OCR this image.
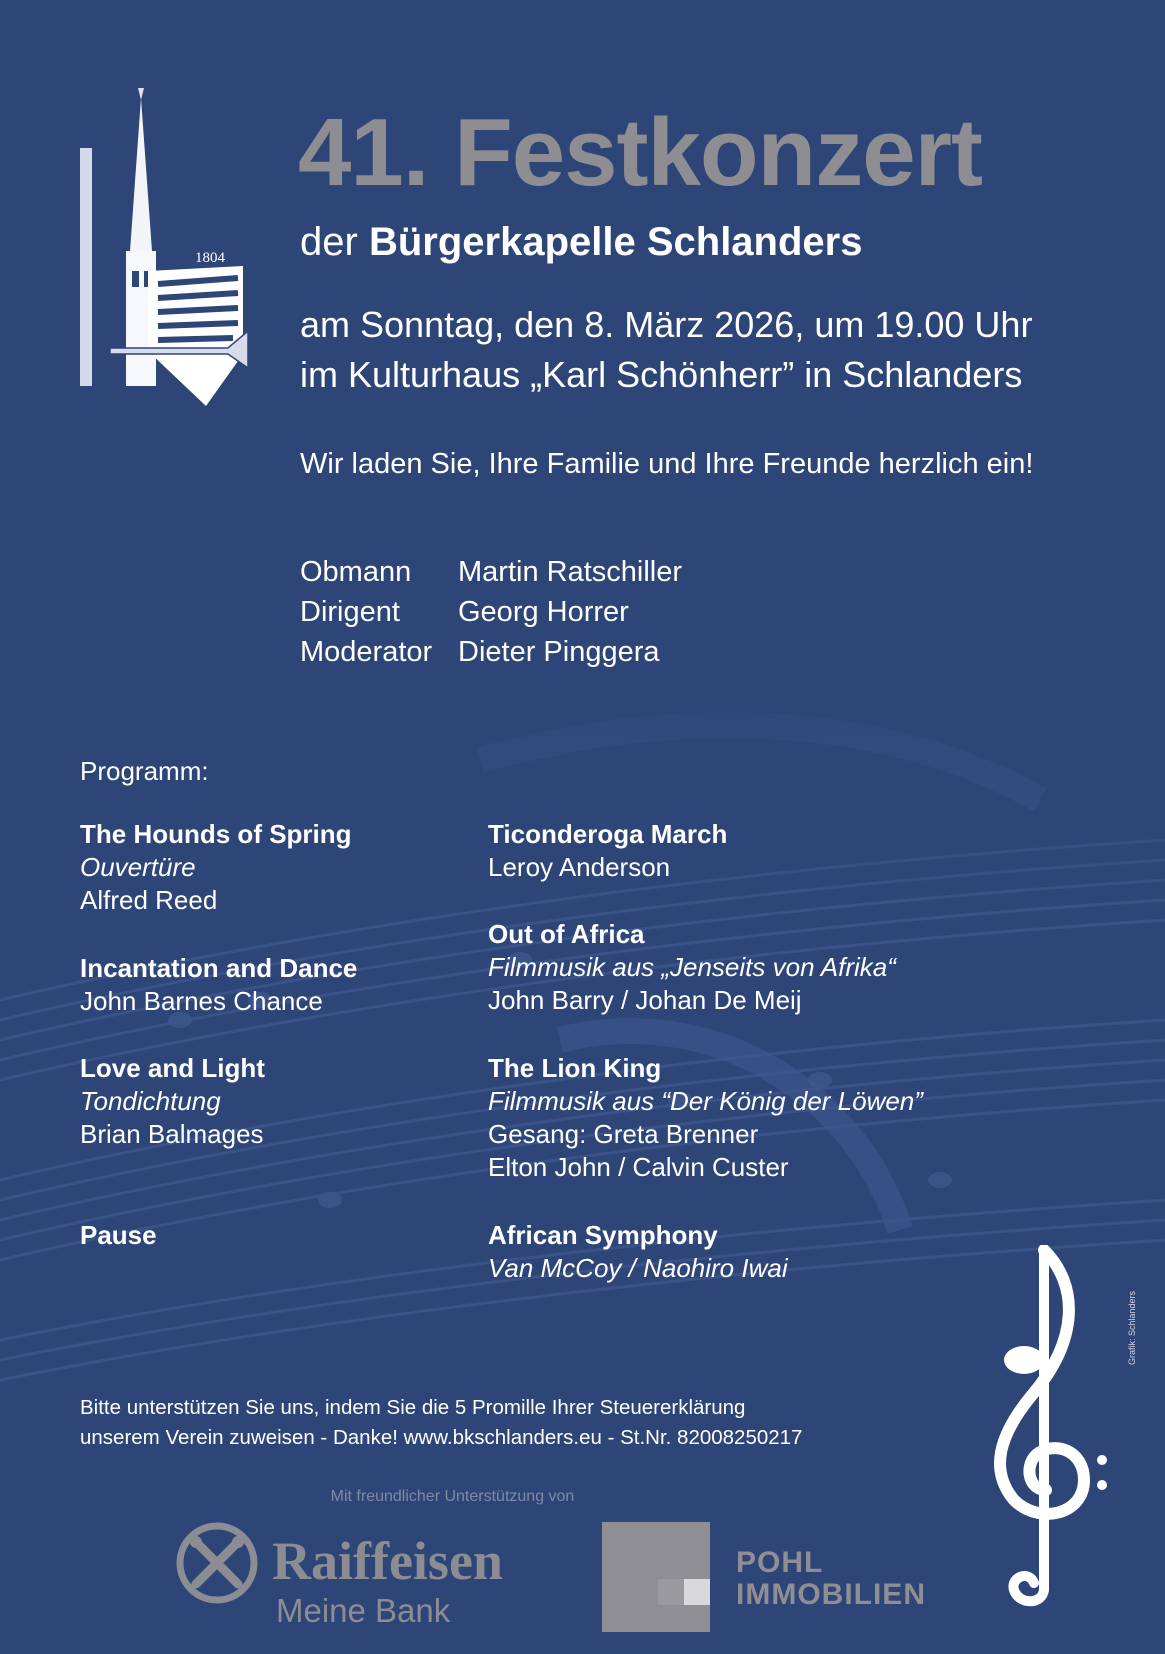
1804
41. Festkonzert
der Bürgerkapelle Schlanders
am Sonntag, den 8. März 2026, um 19.00 Uhr
im Kulturhaus „Karl Schönherr” in Schlanders
Wir laden Sie, Ihre Familie und Ihre Freunde herzlich ein!
Obmann	Martin Ratschiller
Dirigent	Georg Horrer
Moderator Dieter Pinggera
Programm:
The Hounds of Spring
Ouvertüre
Alfred Reed
Incantation and Dance
John Barnes Chance
Love and Light
Tondichtung
Brian Balmages
Pause
Ticonderoga March
Leroy Anderson
Out of Africa
Filmmusik aus „Jenseits von Afrika“
John Barry / Johan De Meij
The Lion King
Filmmusik aus “Der König der Löwen”
Gesang: Greta Brenner
Elton John / Calvin Custer
African Symphony
Van McCoy / Naohiro Iwai
Bitte unterstützen Sie uns, indem Sie die 5 Promille Ihrer Steuererklärung
unserem Verein zuweisen - Danke! www.bkschlanders.eu - St.Nr. 82008250217
Mit freundlicher Unterstützung von
Raiffeisen
Meine Bank
POHL
IMMOBILIEN
Grafik: Schlanders
